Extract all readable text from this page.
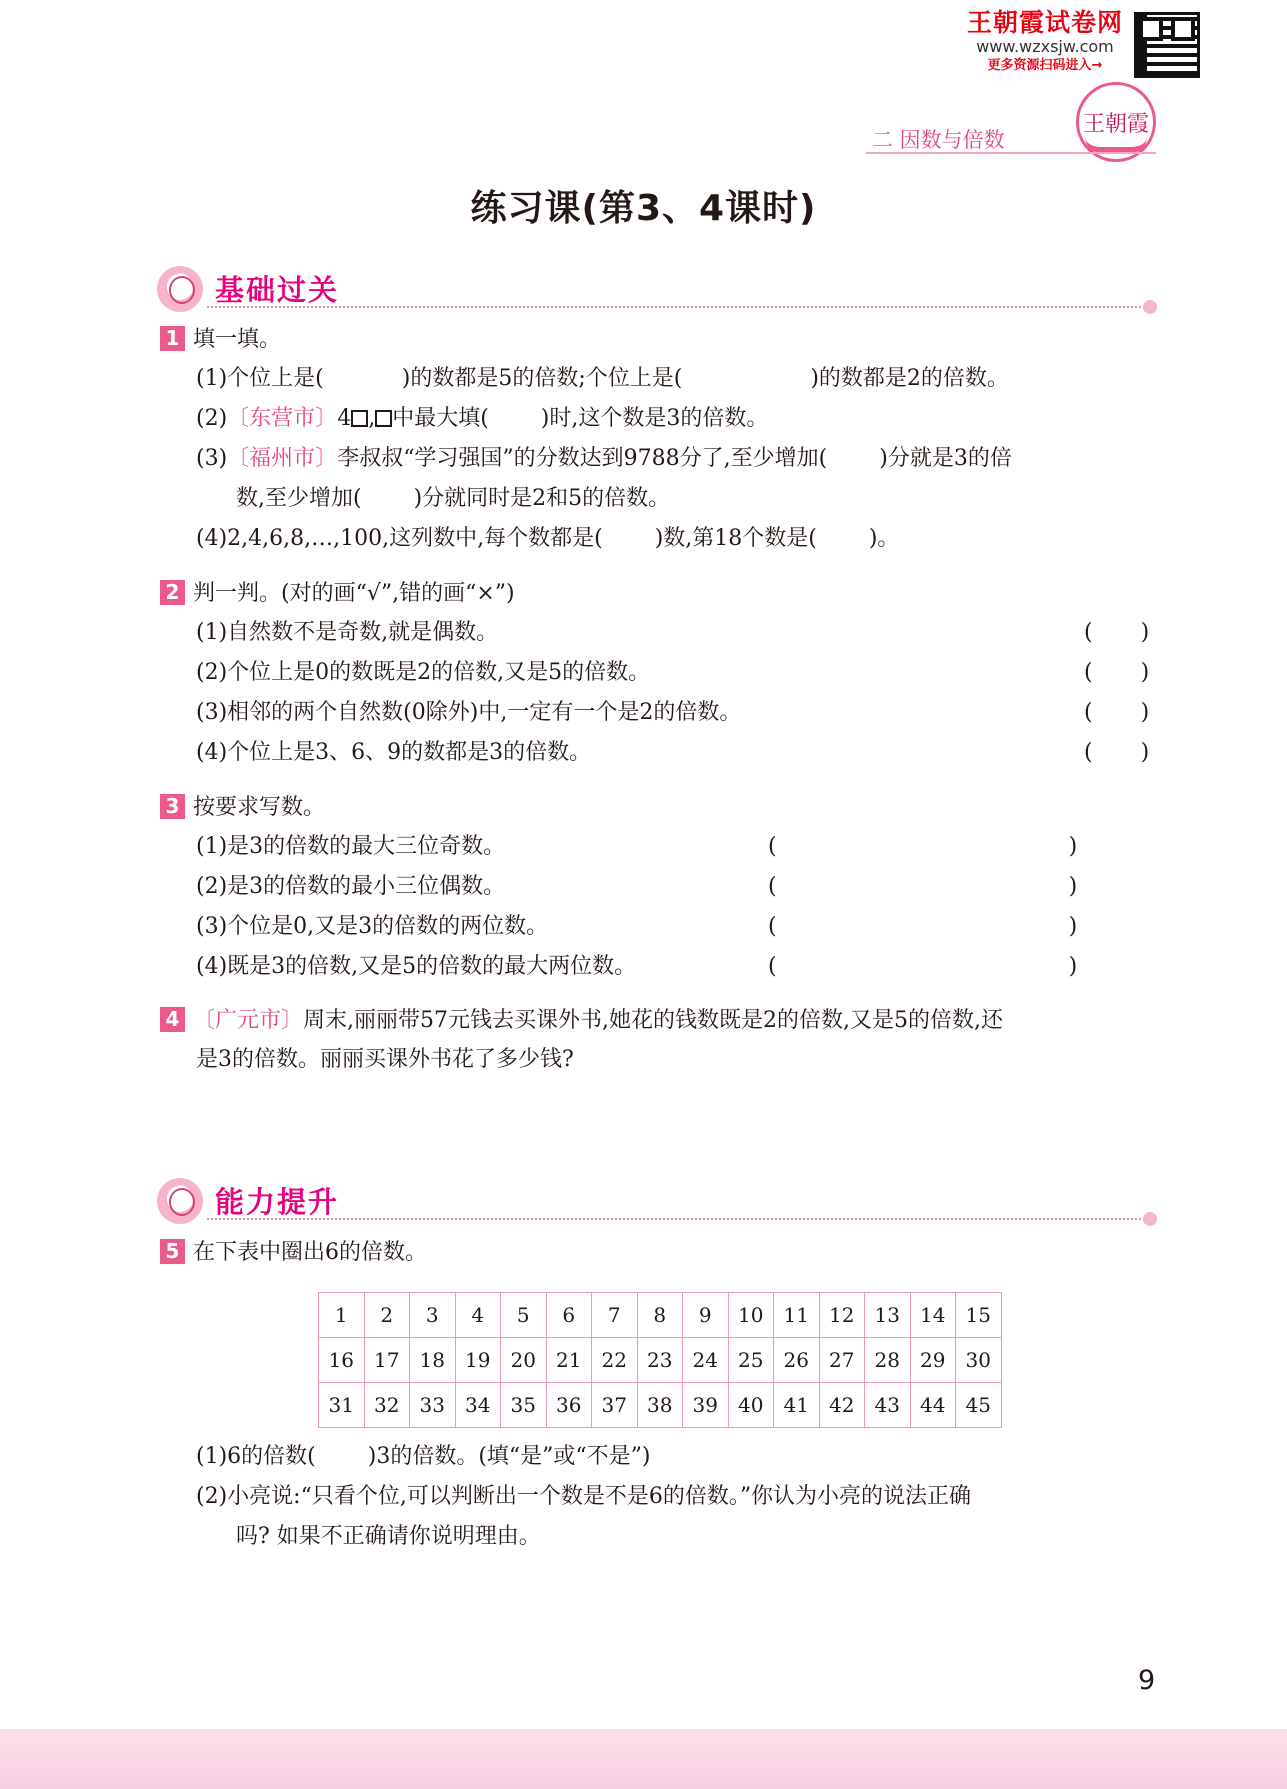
王朝霞试卷网
www.wzxsjw.com
更多资源扫码进入→
王朝霞
二 因数与倍数
练习课(第3、4课时)
基础过关
1 填一填。
(1)个位上是(	)的数都是5的倍数;个位上是(	)的数都是2的倍数。
(2)〔东营市〕4 , 中最大填( )时,这个数是3的倍数。
(3)〔福州市〕李叔叔“学习强国”的分数达到9788分了,至少增加( )分就是3的倍
数,至少增加( )分就同时是2和5的倍数。
(4)2,4,6,8,…,100,这列数中,每个数都是( )数,第18个数是( )。
2 判一判。(对的画“√”,错的画“×”)
(1)自然数不是奇数,就是偶数。
(2)个位上是0的数既是2的倍数,又是5的倍数。
(3)相邻的两个自然数(0除外)中,一定有一个是2的倍数。
(4)个位上是3、6、9的数都是3的倍数。
( )
( )
( )
( )
3 按要求写数。
(1)是3的倍数的最大三位奇数。
(2)是3的倍数的最小三位偶数。
(3)个位是0,又是3的倍数的两位数。
(4)既是3的倍数,又是5的倍数的最大两位数。
(	)
(	)
(	)
(	)
4 〔广元市〕周末,丽丽带57元钱去买课外书,她花的钱数既是2的倍数,又是5的倍数,还
是3的倍数。丽丽买课外书花了多少钱?
能力提升
5 在下表中圈出6的倍数。
1	2	3	4	5	6	7	8	9	10	11	12	13	14	15
16	17	18	19	20	21	22	23	24	25	26	27	28	29	30
31	32	33	34	35	36	37	38	39	40	41	42	43	44	45
(1)6的倍数( )3的倍数。(填“是”或“不是”)
(2)小亮说:“只看个位,可以判断出一个数是不是6的倍数。”你认为小亮的说法正确
吗? 如果不正确请你说明理由。
9
